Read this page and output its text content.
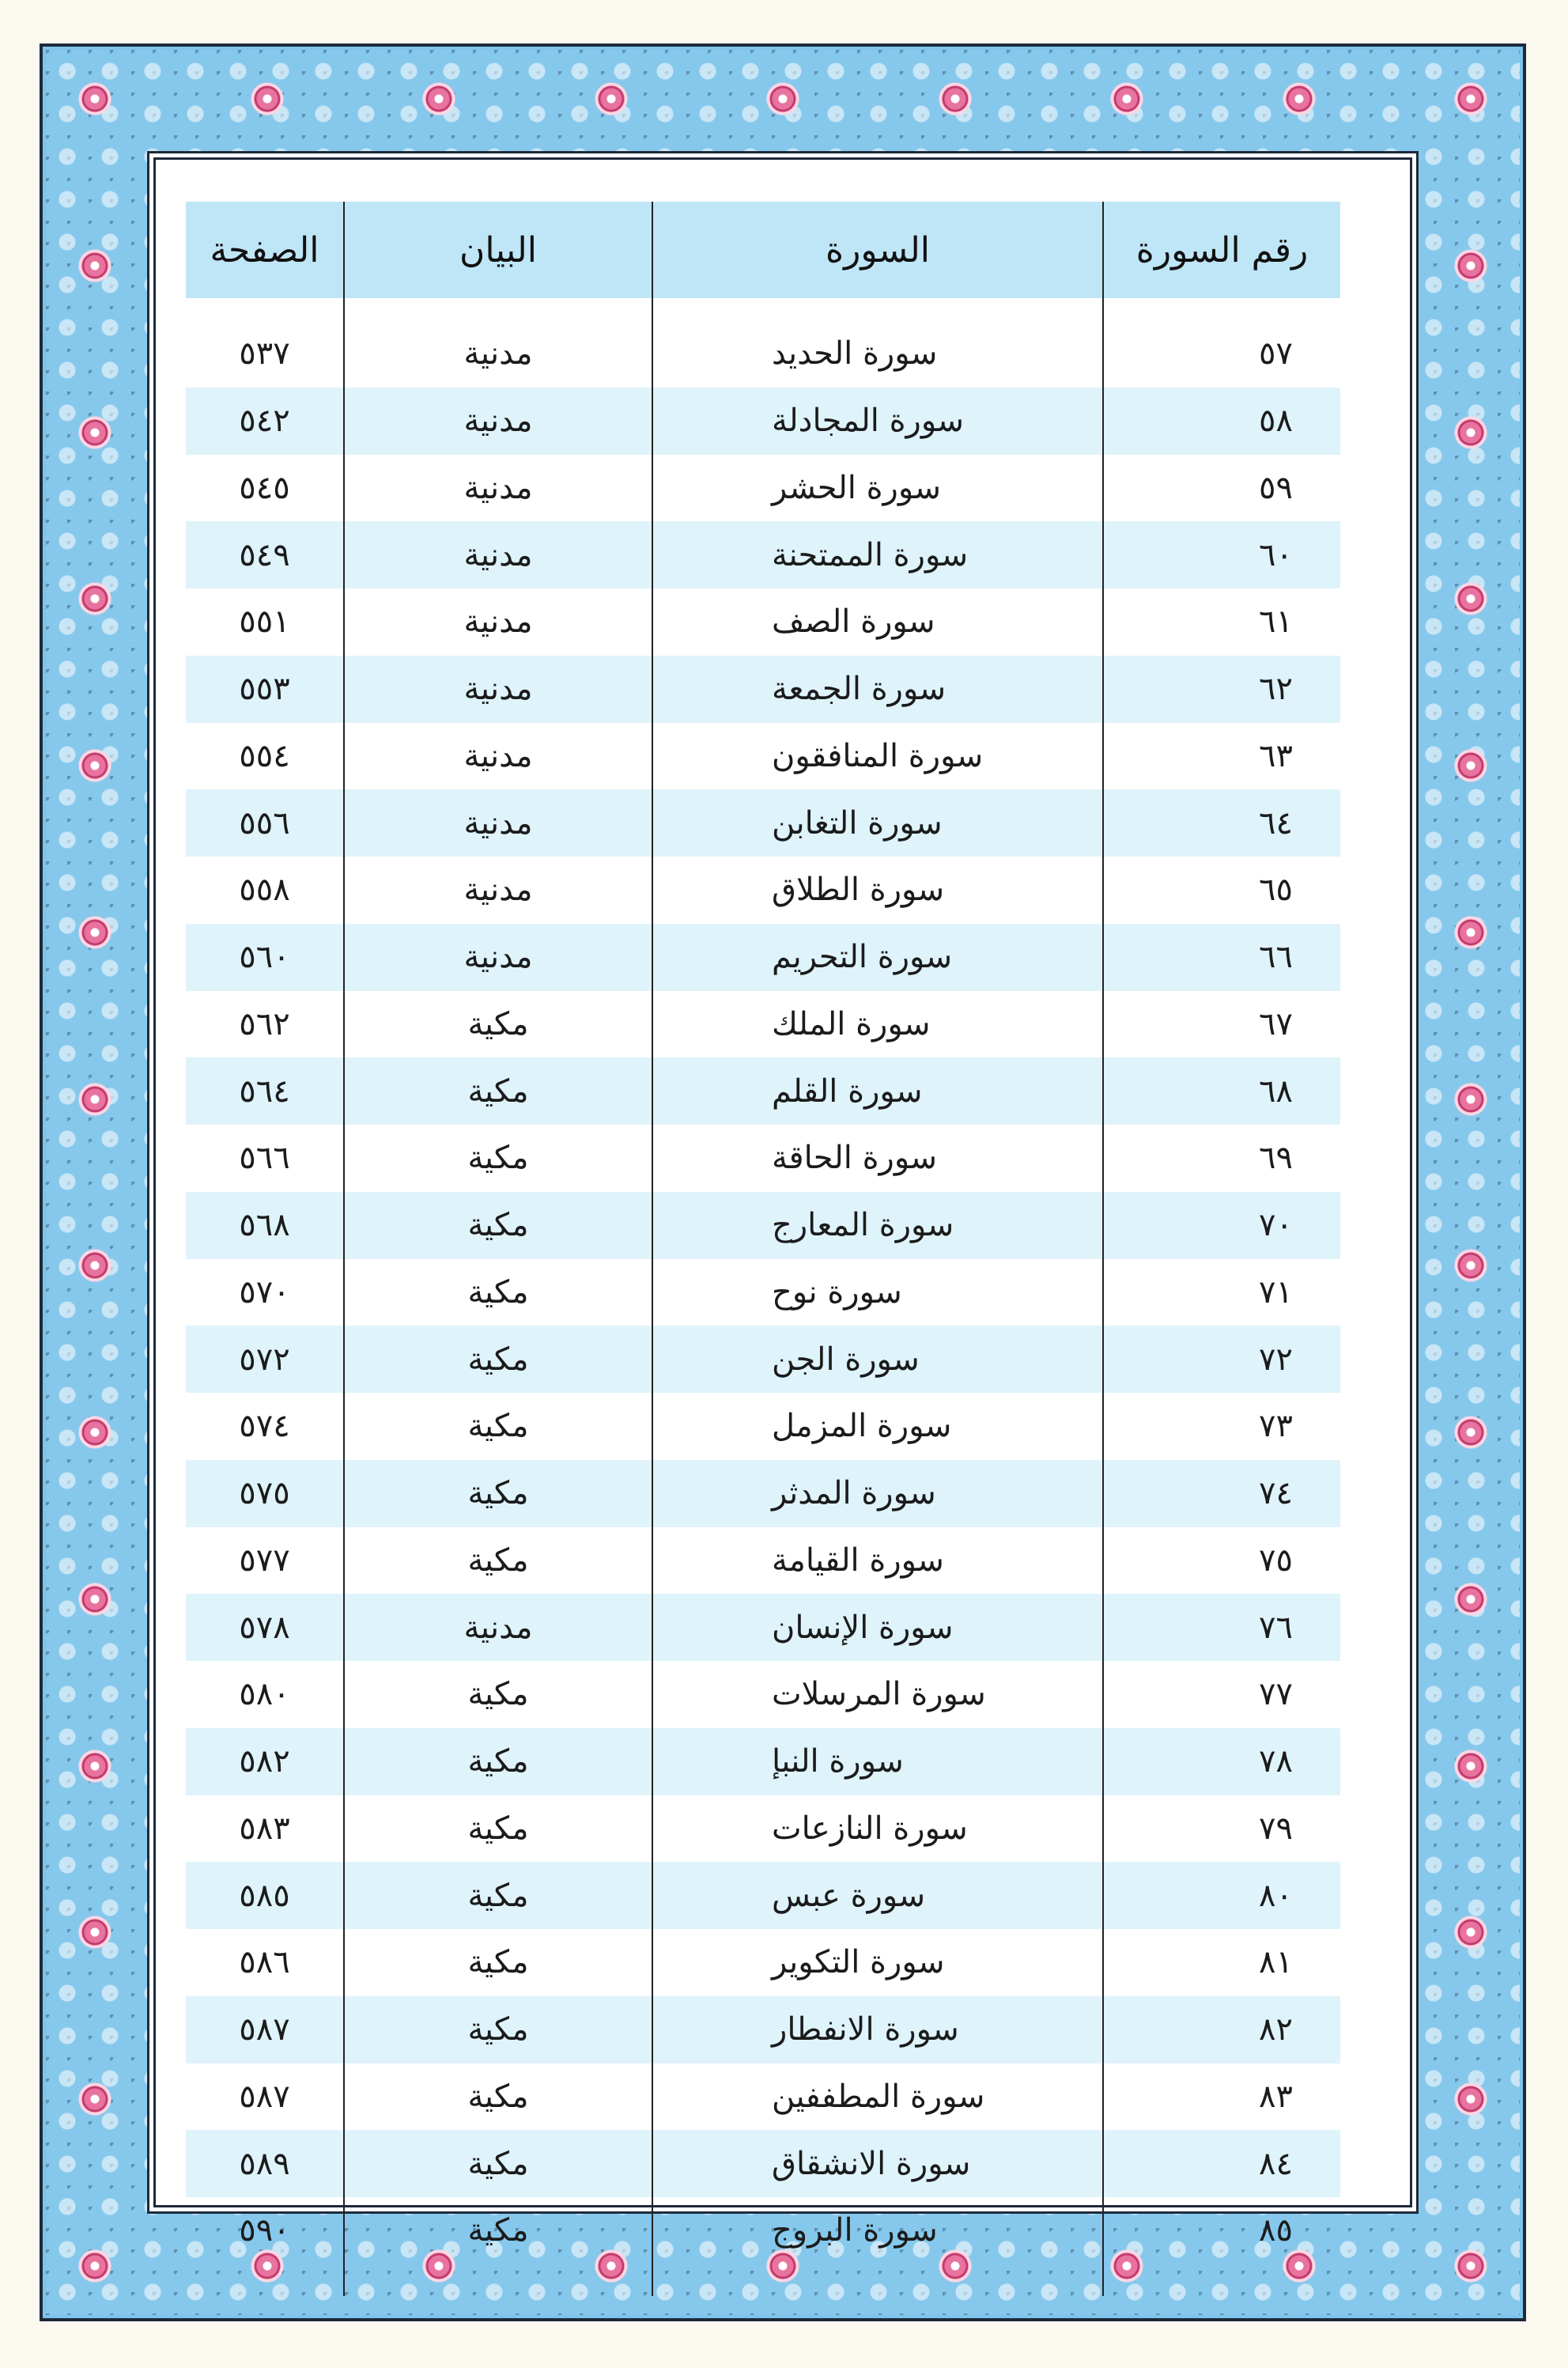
رقم السورة	السورة	البيان	الصفحة
٥٧	سورة الحديد	مدنية	٥٣٧
٥٨	سورة المجادلة	مدنية	٥٤٢
٥٩	سورة الحشر	مدنية	٥٤٥
٦٠	سورة الممتحنة	مدنية	٥٤٩
٦١	سورة الصف	مدنية	٥٥١
٦٢	سورة الجمعة	مدنية	٥٥٣
٦٣	سورة المنافقون	مدنية	٥٥٤
٦٤	سورة التغابن	مدنية	٥٥٦
٦٥	سورة الطلاق	مدنية	٥٥٨
٦٦	سورة التحريم	مدنية	٥٦٠
٦٧	سورة الملك	مكية	٥٦٢
٦٨	سورة القلم	مكية	٥٦٤
٦٩	سورة الحاقة	مكية	٥٦٦
٧٠	سورة المعارج	مكية	٥٦٨
٧١	سورة نوح	مكية	٥٧٠
٧٢	سورة الجن	مكية	٥٧٢
٧٣	سورة المزمل	مكية	٥٧٤
٧٤	سورة المدثر	مكية	٥٧٥
٧٥	سورة القيامة	مكية	٥٧٧
٧٦	سورة الإنسان	مدنية	٥٧٨
٧٧	سورة المرسلات	مكية	٥٨٠
٧٨	سورة النبإ	مكية	٥٨٢
٧٩	سورة النازعات	مكية	٥٨٣
٨٠	سورة عبس	مكية	٥٨٥
٨١	سورة التكوير	مكية	٥٨٦
٨٢	سورة الانفطار	مكية	٥٨٧
٨٣	سورة المطففين	مكية	٥٨٧
٨٤	سورة الانشقاق	مكية	٥٨٩
٨٥	سورة البروج	مكية	٥٩٠
